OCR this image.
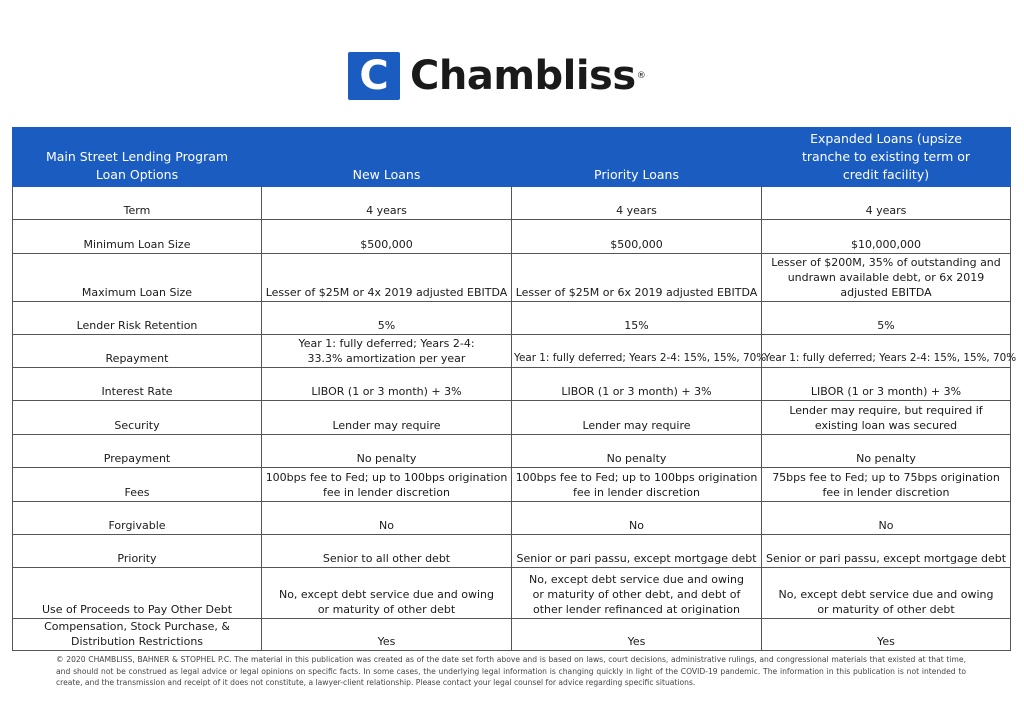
C Chambliss®
Main Street Lending Program Loan Options	New Loans	Priority Loans	Expanded Loans (upsize tranche to existing term or credit facility)
Term	4 years	4 years	4 years
Minimum Loan Size	$500,000	$500,000	$10,000,000
Maximum Loan Size	Lesser of $25M or 4x 2019 adjusted EBITDA	Lesser of $25M or 6x 2019 adjusted EBITDA	Lesser of $200M, 35% of outstanding and undrawn available debt, or 6x 2019 adjusted EBITDA
Lender Risk Retention	5%	15%	5%
Repayment	Year 1: fully deferred; Years 2-4: 33.3% amortization per year	Year 1: fully deferred; Years 2-4: 15%, 15%, 70%	Year 1: fully deferred; Years 2-4: 15%, 15%, 70%
Interest Rate	LIBOR (1 or 3 month) + 3%	LIBOR (1 or 3 month) + 3%	LIBOR (1 or 3 month) + 3%
Security	Lender may require	Lender may require	Lender may require, but required if existing loan was secured
Prepayment	No penalty	No penalty	No penalty
Fees	100bps fee to Fed; up to 100bps origination fee in lender discretion	100bps fee to Fed; up to 100bps origination fee in lender discretion	75bps fee to Fed; up to 75bps origination fee in lender discretion
Forgivable	No	No	No
Priority	Senior to all other debt	Senior or pari passu, except mortgage debt	Senior or pari passu, except mortgage debt
Use of Proceeds to Pay Other Debt	No, except debt service due and owing or maturity of other debt	No, except debt service due and owing or maturity of other debt, and debt of other lender refinanced at origination	No, except debt service due and owing or maturity of other debt
Compensation, Stock Purchase, & Distribution Restrictions	Yes	Yes	Yes
© 2020 CHAMBLISS, BAHNER & STOPHEL P.C. The material in this publication was created as of the date set forth above and is based on laws, court decisions, administrative rulings, and congressional materials that existed at that time, and should not be construed as legal advice or legal opinions on specific facts. In some cases, the underlying legal information is changing quickly in light of the COVID-19 pandemic. The information in this publication is not intended to create, and the transmission and receipt of it does not constitute, a lawyer-client relationship. Please contact your legal counsel for advice regarding specific situations.
